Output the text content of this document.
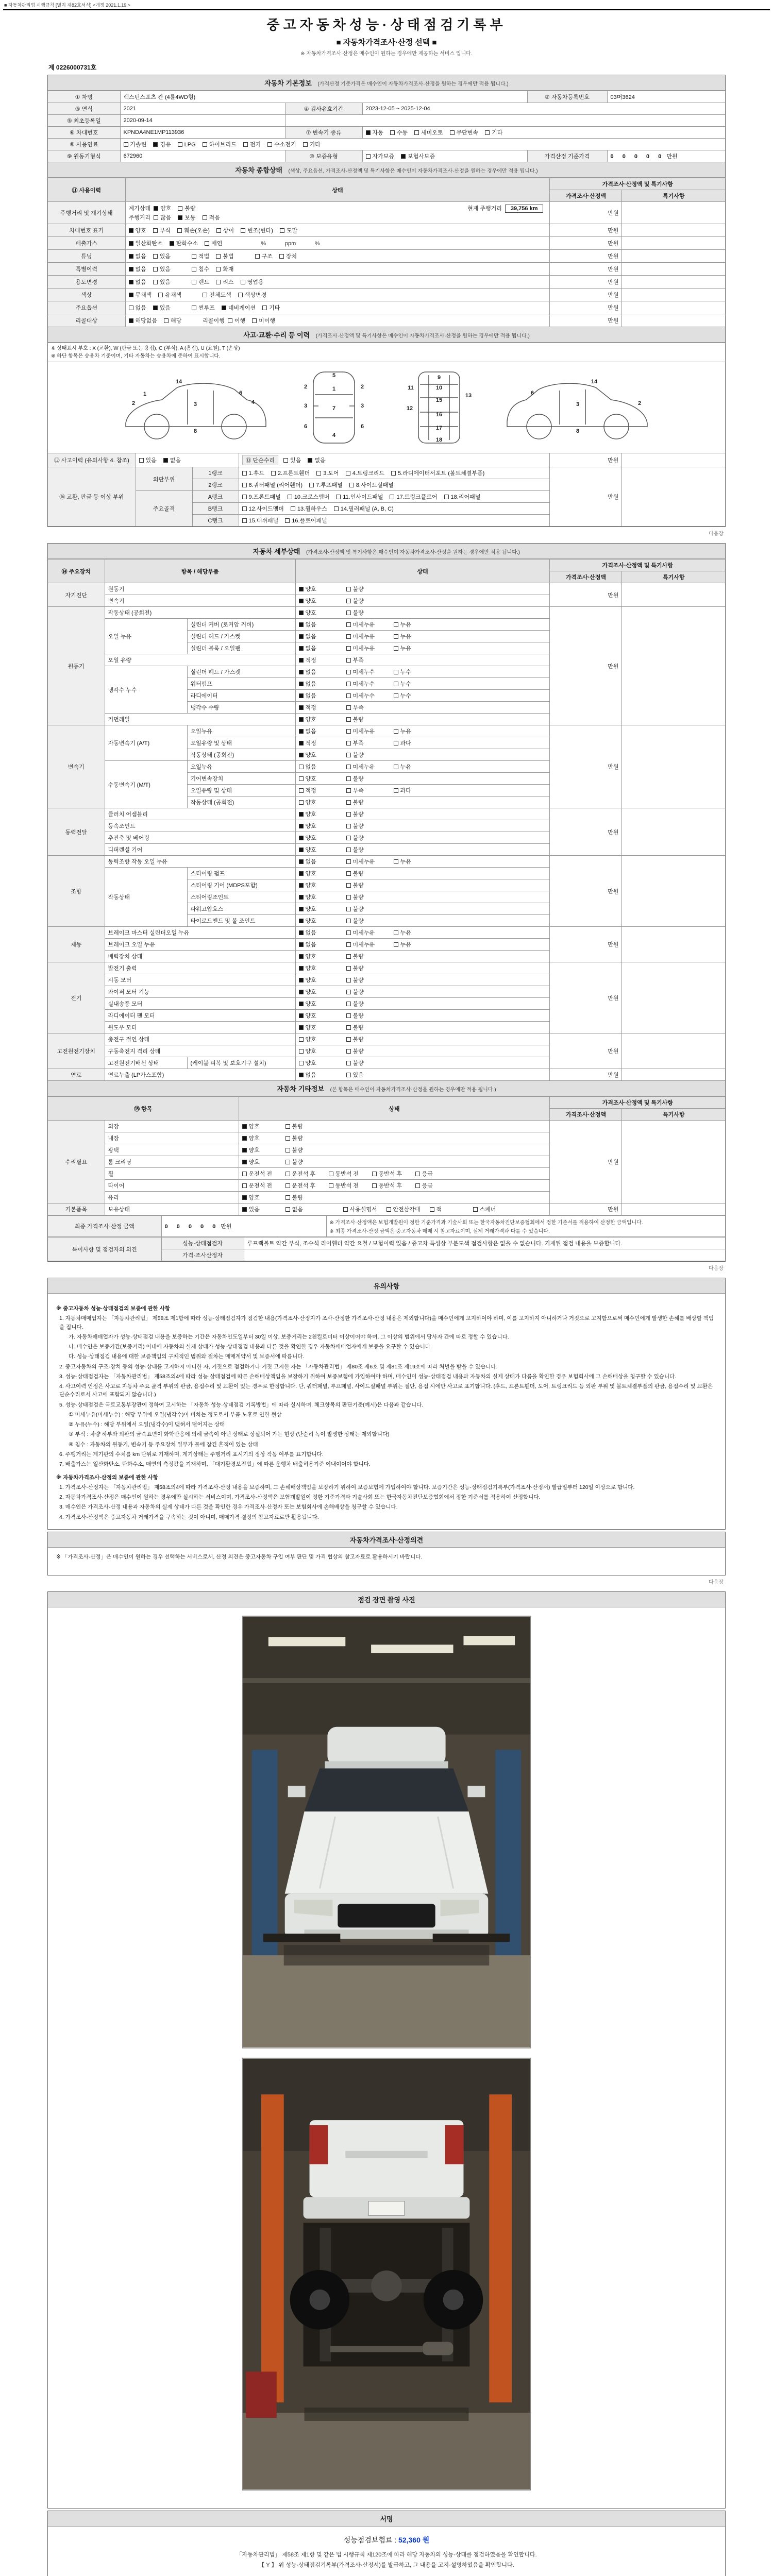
■ 자동차관리법 시행규칙 [별지 제82호서식] <개정 2021.1.19.>
중고자동차성능·상태점검기록부
■ 자동차가격조사·산정 선택 ■
※ 자동차가격조사·산정은 매수인이 원하는 경우에만 제공하는 서비스 입니다.
제 0226000731호
자동차 기본정보 (가격산정 기준가격은 매수인이 자동차가격조사·산정을 원하는 경우에만 적용 됩니다.)
① 차명	렉스턴스포츠 칸 (4륜4WD형)			② 자동차등록번호	03머3624
③ 연식	2021	④ 검사유효기간	2023-12-05 ~ 2025-12-04		
⑤ 최초등록일	2020-09-14				
⑥ 차대번호	KPNDA4NE1MP113936	⑦ 변속기 종류	자동 수동 세미오토 무단변속 기타		
⑧ 사용연료	가솔린 경유 LPG 하이브리드 전기 수소전기 기타				
⑨ 원동기형식	672960	⑩ 보증유형	자가보증 보험사보증	가격산정 기준가격	0 0 0 0 0 만원
자동차 종합상태 (색상, 주요옵션, 가격조사·산정액 및 특기사항은 매수인이 자동차가격조사·산정을 원하는 경우에만 적용 됩니다.)
⑪ 사용이력	상태	가격조사·산정액 및 특기사항	
		가격조사·산정액	특기사항
주행거리 및 계기상태	현재 주행거리 39,756 km
계기상태 양호 불량
주행거리 많음 보통 적음	만원	
차대번호 표기	양호 부식 훼손(오손) 상이 변조(변타) 도말	만원	
배출가스	일산화탄소 탄화수소 매연 %            ppm            %	만원	
튜닝	없음 있음 적법 불법 구조 장치	만원	
특별이력	없음 있음 침수 화재	만원	
용도변경	없음 있음 렌트 리스 영업용	만원	
색상	무채색 유채색 전체도색 색상변경	만원	
주요옵션	없음 있음 썬루프 네비게이션 기타	만원	
리콜대상	해당없음 해당 리콜이행 이행 미이행	만원	
사고·교환·수리 등 이력 (가격조사·산정액 및 특기사항은 매수인이 자동차가격조사·산정을 원하는 경우에만 적용 됩니다.)
※ 상태표시 부호 : X (교환), W (판금 또는 용접), C (부식), A (흠집), U (요철), T (손상)
※ 하단 항목은 승용차 기준이며, 기타 자동차는 승용차에 준하여 표시합니다.					

1
2	3	4
6
8
14
5
1
7
4
2	2
3	3
6	6
9
10
11
12
13
15
16
17
18
2
3
6
8
14

⑫ 사고이력 (유의사항 4. 참조)	있음 없음		⑬ 단순수리 있음 없음	만원	
⑯ 교환, 판금 등 이상 부위	외판부위	1랭크	1.후드 2.프론트휀더 3.도어 4.트렁크리드 5.라디에이터서포트 (볼트체결부품)	만원	
		2랭크	6.쿼터패널 (리어휀더) 7.루프패널 8.사이드실패널		
	주요골격	A랭크	9.프론트패널 10.크로스멤버 11.인사이드패널 17.트렁크플로어 18.리어패널		
		B랭크	12.사이드멤버 13.휠하우스 14.필러패널 (A, B, C)		
		C랭크	15.대쉬패널 16.플로어패널		
다음장
자동차 세부상태 (가격조사·산정액 및 특기사항은 매수인이 자동차가격조사·산정을 원하는 경우에만 적용 됩니다.)
⑭ 주요장치	항목 / 해당부품		상태	가격조사·산정액 및 특기사항	
				가격조사·산정액	특기사항
자기진단	원동기		양호 불량	만원	
	변속기		양호 불량		
원동기	작동상태 (공회전)		양호 불량	만원	
	오일 누유	실린더 커버 (로커암 커버)	없음 미세누유 누유		
		실린더 헤드 / 가스켓	없음 미세누유 누유		
		실린더 블록 / 오일팬	없음 미세누유 누유		
	오일 유량		적정 부족		
	냉각수 누수	실린더 헤드 / 가스켓	없음 미세누수 누수		
		워터펌프	없음 미세누수 누수		
		라디에이터	없음 미세누수 누수		
		냉각수 수량	적정 부족		
	커먼레일		양호 불량		
변속기	자동변속기 (A/T)	오일누유	없음 미세누유 누유	만원	
		오일유량 및 상태	적정 부족 과다		
		작동상태 (공회전)	양호 불량		
	수동변속기 (M/T)	오일누유	없음 미세누유 누유		
		기어변속장치	양호 불량		
		오일유량 및 상태	적정 부족 과다		
		작동상태 (공회전)	양호 불량		
동력전달	클러치 어셈블리		양호 불량	만원	
	등속조인트		양호 불량		
	추진축 및 베어링		양호 불량		
	디퍼렌셜 기어		양호 불량		
조향	동력조향 작동 오일 누유		없음 미세누유 누유	만원	
	작동상태	스티어링 펌프	양호 불량		
		스티어링 기어 (MDPS포함)	양호 불량		
		스티어링조인트	양호 불량		
		파워고압호스	양호 불량		
		타이로드엔드 및 볼 조인트	양호 불량		
제동	브레이크 마스터 실린더오일 누유		없음 미세누유 누유	만원	
	브레이크 오일 누유		없음 미세누유 누유		
	배력장치 상태		양호 불량		
전기	발전기 출력		양호 불량	만원	
	시동 모터		양호 불량		
	와이퍼 모터 기능		양호 불량		
	실내송풍 모터		양호 불량		
	라디에이터 팬 모터		양호 불량		
	윈도우 모터		양호 불량		
고전원전기장치	충전구 절연 상태		양호 불량	만원	
	구동축전지 격리 상태		양호 불량		
	고전원전기배선 상태	(케이블 피복 및 보호기구 설치)	양호 불량		
연료	연료누출 (LP가스포함)		없음 있음	만원	
자동차 기타정보 (본 항목은 매수인이 자동차가격조사·산정을 원하는 경우에만 적용 됩니다.)
⑮ 항목		상태	가격조사·산정액 및 특기사항	
			가격조사·산정액	특기사항
수리필요	외장	양호 불량	만원	
	내장	양호 불량		
	광택	양호 불량		
	룸 크리닝	양호 불량		
	휠	운전석 전 운전석 후 동반석 전 동반석 후 응급		
	타이어	운전석 전 운전석 후 동반석 전 동반석 후 응급		
	유리	양호 불량		
기본품목	보유상태	있음 없음 사용설명서 안전삼각대 잭 스패너	만원	
최종 가격조사·산정 금액	0 0 0 0 0 만원	
※ 가격조사·산정액은 보험개발원이 정한 기준가격과 기술사회 또는 한국자동차진단보증협회에서 정한 기준서를 적용하여 산정한 금액입니다.
※ 최종 가격조사·산정 금액은 중고자동차 매매 시 참고자료이며, 실제 거래가격과 다를 수 있습니다.
특이사항 및 점검자의 의견	성능·상태점검자	루프랙볼트 약간 부식, 조수석 리어휀더 약간 요철 / 보험이력 있음 / 중고차 특성상 부분도색 점검사항은 없을 수 없습니다. 기재된 점검 내용을 보증합니다.
	가격·조사산정자	
다음장
유의사항
※ 중고자동차 성능·상태점검의 보증에 관한 사항
1. 자동차매매업자는 「자동차관리법」 제58조 제1항에 따라 성능·상태점검자가 점검한 내용(가격조사·산정자가 조사·산정한 가격조사·산정 내용은 제외합니다)을 매수인에게 고지하여야 하며, 이를 고지하지 아니하거나 거짓으로 고지함으로써 매수인에게 발생한 손해를 배상할 책임을 집니다.
가. 자동차매매업자가 성능·상태점검 내용을 보증하는 기간은 자동차인도일부터 30일 이상, 보증거리는 2천킬로미터 이상이어야 하며, 그 이상의 범위에서 당사자 간에 따로 정할 수 있습니다.
나. 매수인은 보증기간(보증거리) 이내에 자동차의 실제 상태가 성능·상태점검 내용과 다른 것을 확인한 경우 자동차매매업자에게 보증을 요구할 수 있습니다.
다. 성능·상태점검 내용에 대한 보증책임의 구체적인 범위와 절차는 매매계약서 및 보증서에 따릅니다.
2. 중고자동차의 구조·장치 등의 성능·상태를 고지하지 아니한 자, 거짓으로 점검하거나 거짓 고지한 자는 「자동차관리법」 제80조 제6호 및 제81조 제19호에 따라 처벌을 받을 수 있습니다.
3. 성능·상태점검자는 「자동차관리법」 제58조의4에 따라 성능·상태점검에 따른 손해배상책임을 보장하기 위하여 보증보험에 가입하여야 하며, 매수인이 성능·상태점검 내용과 자동차의 실제 상태가 다름을 확인한 경우 보험회사에 그 손해배상을 청구할 수 있습니다.
4. 사고이력 인정은 사고로 자동차 주요 골격 부위의 판금, 용접수리 및 교환이 있는 경우로 한정합니다. 단, 쿼터패널, 루프패널, 사이드실패널 부위는 절단, 용접 시에만 사고로 표기합니다. (후드, 프론트휀더, 도어, 트렁크리드 등 외판 부위 및 볼트체결부품의 판금, 용접수리 및 교환은 단순수리로서 사고에 포함되지 않습니다.)
5. 성능·상태점검은 국토교통부장관이 정하여 고시하는 「자동차 성능·상태점검 기록방법」에 따라 실시하며, 체크항목의 판단기준(예시)은 다음과 같습니다.
① 미세누유(미세누수) : 해당 부위에 오일(냉각수)이 비치는 정도로서 부품 노후로 인한 현상
② 누유(누수) : 해당 부위에서 오일(냉각수)이 맺혀서 떨어지는 상태
③ 부식 : 차량 하부와 외판의 금속표면이 화학반응에 의해 금속이 아닌 상태로 상실되어 가는 현상 (단순히 녹이 발생한 상태는 제외합니다)
④ 침수 : 자동차의 원동기, 변속기 등 주요장치 일부가 물에 잠긴 흔적이 있는 상태
6. 주행거리는 계기판의 수치를 km 단위로 기재하며, 계기상태는 주행거리 표시기의 정상 작동 여부를 표기합니다.
7. 배출가스는 일산화탄소, 탄화수소, 매연의 측정값을 기재하며, 「대기환경보전법」에 따른 운행차 배출허용기준 이내이어야 합니다.
※ 자동차가격조사·산정의 보증에 관한 사항
1. 가격조사·산정자는 「자동차관리법」 제58조의4에 따라 가격조사·산정 내용을 보증하며, 그 손해배상책임을 보장하기 위하여 보증보험에 가입하여야 합니다. 보증기간은 성능·상태점검기록부(가격조사·산정서) 발급일부터 120일 이상으로 합니다.
2. 자동차가격조사·산정은 매수인이 원하는 경우에만 실시하는 서비스이며, 가격조사·산정액은 보험개발원이 정한 기준가격과 기술사회 또는 한국자동차진단보증협회에서 정한 기준서를 적용하여 산정합니다.
3. 매수인은 가격조사·산정 내용과 자동차의 실제 상태가 다른 것을 확인한 경우 가격조사·산정자 또는 보험회사에 손해배상을 청구할 수 있습니다.
4. 가격조사·산정액은 중고자동차 거래가격을 구속하는 것이 아니며, 매매가격 결정의 참고자료로만 활용됩니다.
자동차가격조사·산정의견
※ 「가격조사·산정」은 매수인이 원하는 경우 선택하는 서비스로서, 산정 의견은 중고자동차 구입 여부 판단 및 가격 협상의 참고자료로 활용하시기 바랍니다.
다음장
점검 장면 촬영 사진
서명
성능점검보험료 : 52,360 원
「자동차관리법」 제58조 제1항 및 같은 법 시행규칙 제120조에 따라 해당 자동차의 성능·상태를 점검하였음을 확인합니다.
【 Y 】 위 성능·상태점검기록부(가격조사·산정서)를 발급하고, 그 내용을 고지·설명하였음을 확인합니다.
